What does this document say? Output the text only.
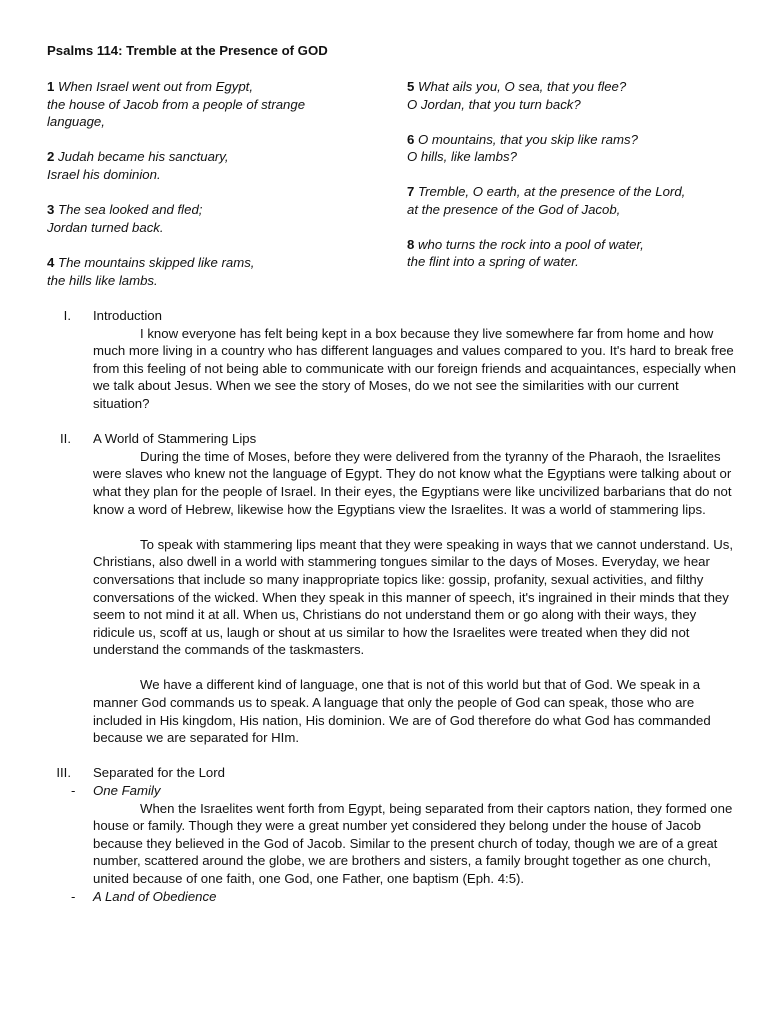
Psalms 114: Tremble at the Presence of GOD
1 When Israel went out from Egypt,
the house of Jacob from a people of strange
language,
2 Judah became his sanctuary,
Israel his dominion.
3 The sea looked and fled;
Jordan turned back.
4 The mountains skipped like rams,
the hills like lambs.
5 What ails you, O sea, that you flee?
O Jordan, that you turn back?
6 O mountains, that you skip like rams?
O hills, like lambs?
7 Tremble, O earth, at the presence of the Lord,
at the presence of the God of Jacob,
8 who turns the rock into a pool of water,
the flint into a spring of water.
I. Introduction

I know everyone has felt being kept in a box because they live somewhere far from home and how much more living in a country who has different languages and values compared to you. It's hard to break free from this feeling of not being able to communicate with our foreign friends and acquaintances, especially when we talk about Jesus. When we see the story of Moses, do we not see the similarities with our current situation?

II. A World of Stammering Lips

During the time of Moses, before they were delivered from the tyranny of the Pharaoh, the Israelites were slaves who knew not the language of Egypt. They do not know what the Egyptians were talking about or what they plan for the people of Israel. In their eyes, the Egyptians were like uncivilized barbarians that do not know a word of Hebrew, likewise how the Egyptians view the Israelites. It was a world of stammering lips.

To speak with stammering lips meant that they were speaking in ways that we cannot understand. Us, Christians, also dwell in a world with stammering tongues similar to the days of Moses. Everyday, we hear conversations that include so many inappropriate topics like: gossip, profanity, sexual activities, and filthy conversations of the wicked. When they speak in this manner of speech, it's ingrained in their minds that they seem to not mind it at all. When us, Christians do not understand them or go along with their ways, they ridicule us, scoff at us, laugh or shout at us similar to how the Israelites were treated when they did not understand the commands of the taskmasters.

We have a different kind of language, one that is not of this world but that of God. We speak in a manner God commands us to speak. A language that only the people of God can speak, those who are included in His kingdom, His nation, His dominion. We are of God therefore do what God has commanded because we are separated for HIm.

III. Separated for the Lord
- One Family

When the Israelites went forth from Egypt, being separated from their captors nation, they formed one house or family. Though they were a great number yet considered they belong under the house of Jacob because they believed in the God of Jacob. Similar to the present church of today, though we are of a great number, scattered around the globe, we are brothers and sisters, a family brought together as one church, united because of one faith, one God, one Father, one baptism (Eph. 4:5).

- A Land of Obedience
